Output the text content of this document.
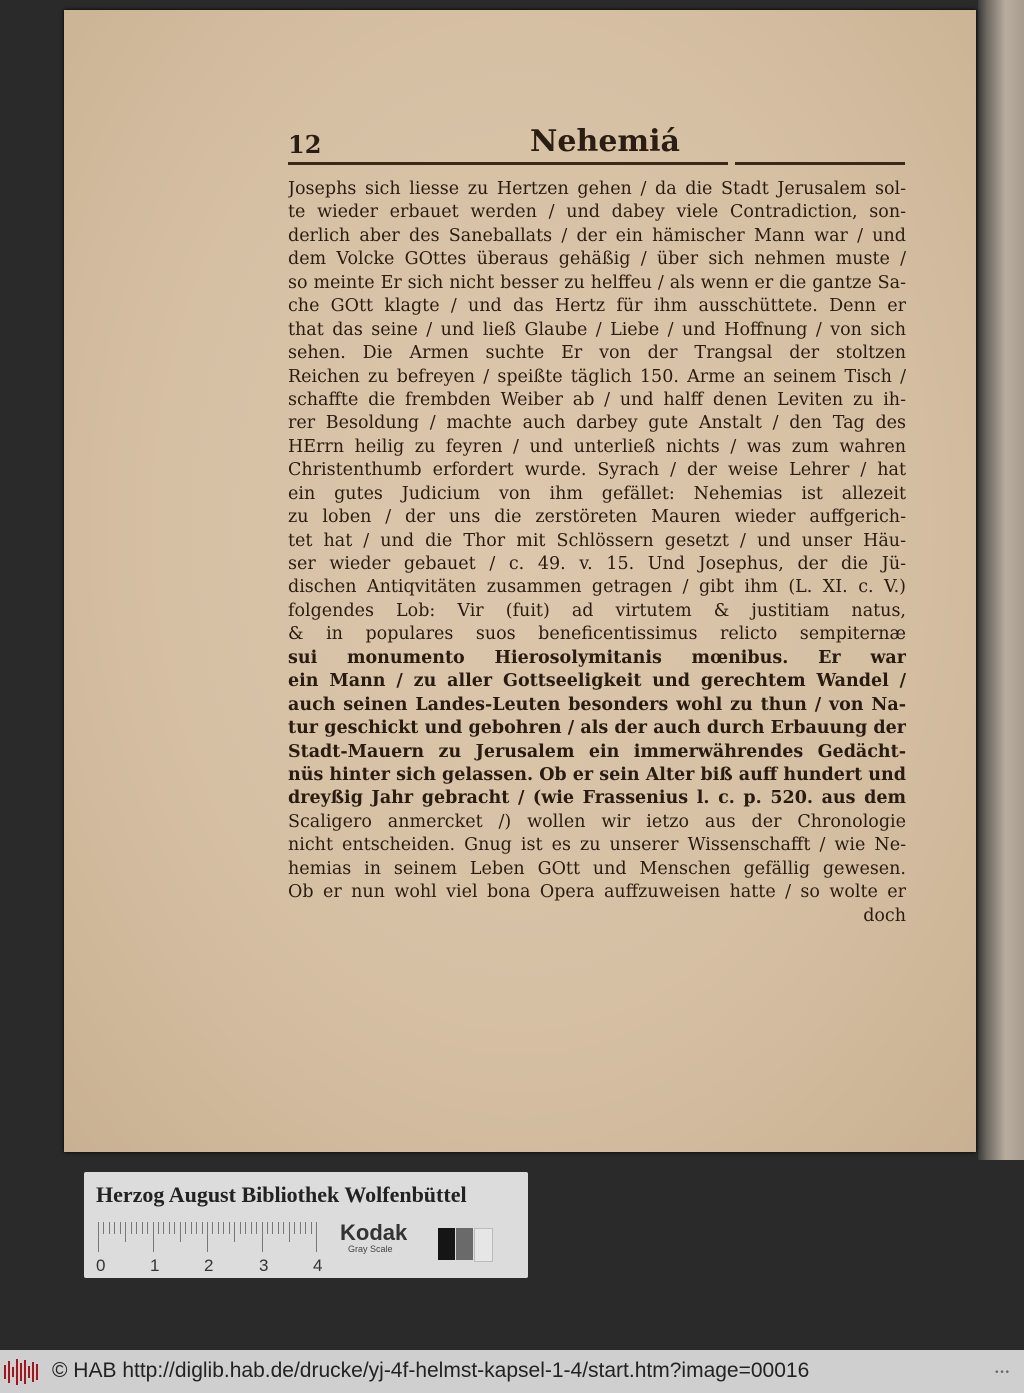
12	Nehemiá
Josephs sich liesse zu Hertzen gehen / da die Stadt Jerusalem sol-
te wieder erbauet werden / und dabey viele Contradiction, son-
derlich aber des Saneballats / der ein hämischer Mann war / und
dem Volcke GOttes überaus gehäßig / über sich nehmen muste /
so meinte Er sich nicht besser zu helffeu / als wenn er die gantze Sa-
che GOtt klagte / und das Hertz für ihm ausschüttete. Denn er
that das seine / und ließ Glaube / Liebe / und Hoffnung / von sich
sehen. Die Armen suchte Er von der Trangsal der stoltzen
Reichen zu befreyen / speißte täglich 150. Arme an seinem Tisch /
schaffte die frembden Weiber ab / und halff denen Leviten zu ih-
rer Besoldung / machte auch darbey gute Anstalt / den Tag des
HErrn heilig zu feyren / und unterließ nichts / was zum wahren
Christenthumb erfordert wurde. Syrach / der weise Lehrer / hat
ein gutes Judicium von ihm gefället: Nehemias ist allezeit
zu loben / der uns die zerstöreten Mauren wieder auffgerich-
tet hat / und die Thor mit Schlössern gesetzt / und unser Häu-
ser wieder gebauet / c. 49. v. 15. Und Josephus, der die Jü-
dischen Antiqvitäten zusammen getragen / gibt ihm (L. XI. c. V.)
folgendes Lob: Vir (fuit) ad virtutem & justitiam natus,
& in populares suos beneficentissimus relicto sempiternæ
sui monumento Hierosolymitanis mœnibus. Er war
ein Mann / zu aller Gottseeligkeit und gerechtem Wandel /
auch seinen Landes-Leuten besonders wohl zu thun / von Na-
tur geschickt und gebohren / als der auch durch Erbauung der
Stadt-Mauern zu Jerusalem ein immerwährendes Gedächt-
nüs hinter sich gelassen. Ob er sein Alter biß auff hundert und
dreyßig Jahr gebracht / (wie Frassenius l. c. p. 520. aus dem
Scaligero anmercket /) wollen wir ietzo aus der Chronologie
nicht entscheiden. Gnug ist es zu unserer Wissenschafft / wie Ne-
hemias in seinem Leben GOtt und Menschen gefällig gewesen.
Ob er nun wohl viel bona Opera auffzuweisen hatte / so wolte er
doch
Herzog August Bibliothek Wolfenbüttel
0	1	2	3	4
Kodak
Gray Scale
© HAB http://diglib.hab.de/drucke/yj-4f-helmst-kapsel-1-4/start.htm?image=00016	•••
